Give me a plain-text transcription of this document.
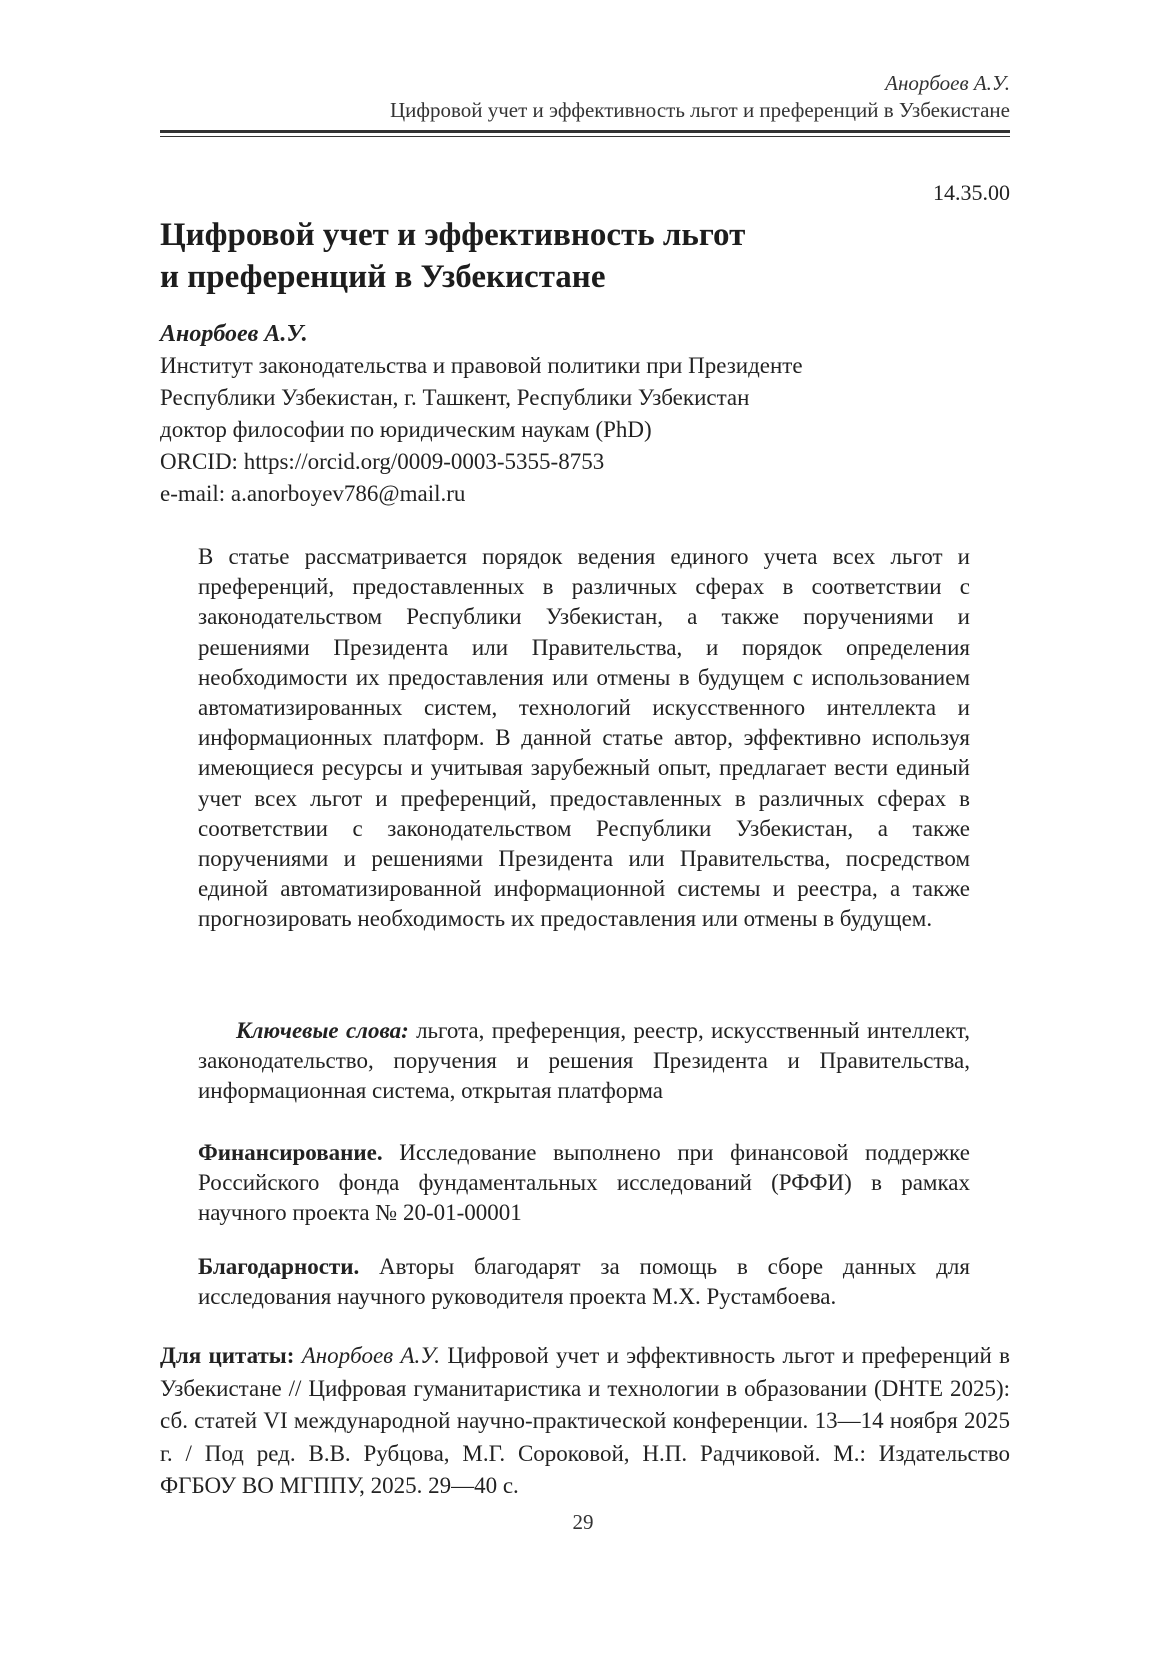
Анорбоев А.У.
Цифровой учет и эффективность льгот и преференций в Узбекистане
14.35.00
Цифровой учет и эффективность льгот
и преференций в Узбекистане
Анорбоев А.У.
Институт законодательства и правовой политики при Президенте
Республики Узбекистан, г. Ташкент, Республики Узбекистан
доктор философии по юридическим наукам (PhD)
ORCID: https://orcid.org/0009-0003-5355-8753
e-mail: a.anorboyev786@mail.ru

В статье рассматривается порядок ведения единого учета всех льгот и преференций, предоставленных в различных сферах в соответствии с законодательством Республики Узбекистан, а также поручениями и решениями Президента или Правительства, и порядок определения необходимости их предоставления или отмены в будущем с использованием автоматизированных систем, технологий искусственного интеллекта и информационных платформ. В данной статье автор, эффективно используя имеющиеся ресурсы и учитывая зарубежный опыт, предлагает вести единый учет всех льгот и преференций, предоставленных в различных сферах в соответствии с законодательством Республики Узбекистан, а также поручениями и решениями Президента или Правительства, посредством единой автоматизированной информационной системы и реестра, а также прогнозировать необходимость их предоставления или отмены в будущем.

Ключевые слова: льгота, преференция, реестр, искусственный интеллект, законодательство, поручения и решения Президента и Правительства, информационная система, открытая платформа

Финансирование. Исследование выполнено при финансовой поддержке Российского фонда фундаментальных исследований (РФФИ) в рамках научного проекта № 20-01-00001

Благодарности. Авторы благодарят за помощь в сборе данных для исследования научного руководителя проекта М.Х. Рустамбоева.

Для цитаты: Анорбоев А.У. Цифровой учет и эффективность льгот и преференций в Узбекистане // Цифровая гуманитаристика и технологии в образовании (DHTE 2025): сб. статей VI международной научно-практической конференции. 13—14 ноября 2025 г. / Под ред. В.В. Рубцова, М.Г. Сороковой, Н.П. Радчиковой. М.: Издательство ФГБОУ ВО МГППУ, 2025. 29—40 с.

29
